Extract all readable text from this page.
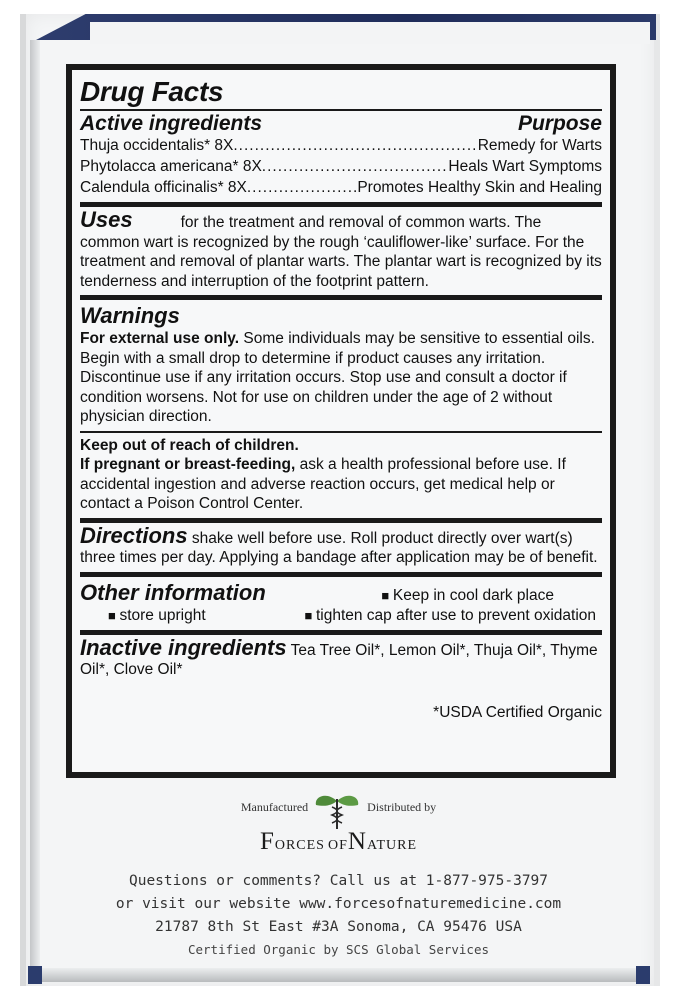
Drug Facts
Active ingredients	Purpose
Thuja occidentalis* 8X .....	Remedy for Warts
Phytolacca americana* 8X .....	Heals Wart Symptoms
Calendula officinalis* 8X .....	Promotes Healthy Skin and Healing
Uses	for the treatment and removal of common warts. The common wart is recognized by the rough ‘cauliflower-like’ surface. For the treatment and removal of plantar warts. The plantar wart is recognized by its tenderness and interruption of the footprint pattern.
Warnings
For external use only. Some individuals may be sensitive to essential oils. Begin with a small drop to determine if product causes any irritation. Discontinue use if any irritation occurs. Stop use and consult a doctor if condition worsens. Not for use on children under the age of 2 without physician direction.
Keep out of reach of children.
If pregnant or breast-feeding, ask a health professional before use. If accidental ingestion and adverse reaction occurs, get medical help or contact a Poison Control Center.
Directions shake well before use. Roll product directly over wart(s) three times per day. Applying a bandage after application may be of benefit.
Other information	■ Keep in cool dark place
■ store upright	■ tighten cap after use to prevent oxidation
Inactive ingredients Tea Tree Oil*, Lemon Oil*, Thuja Oil*, Thyme Oil*, Clove Oil*
*USDA Certified Organic
Manufactured	Distributed by
FORCES OFNATURE
Questions or comments? Call us at 1-877-975-3797
or visit our website www.forcesofnaturemedicine.com
21787 8th St East #3A Sonoma, CA 95476 USA
Certified Organic by SCS Global Services
